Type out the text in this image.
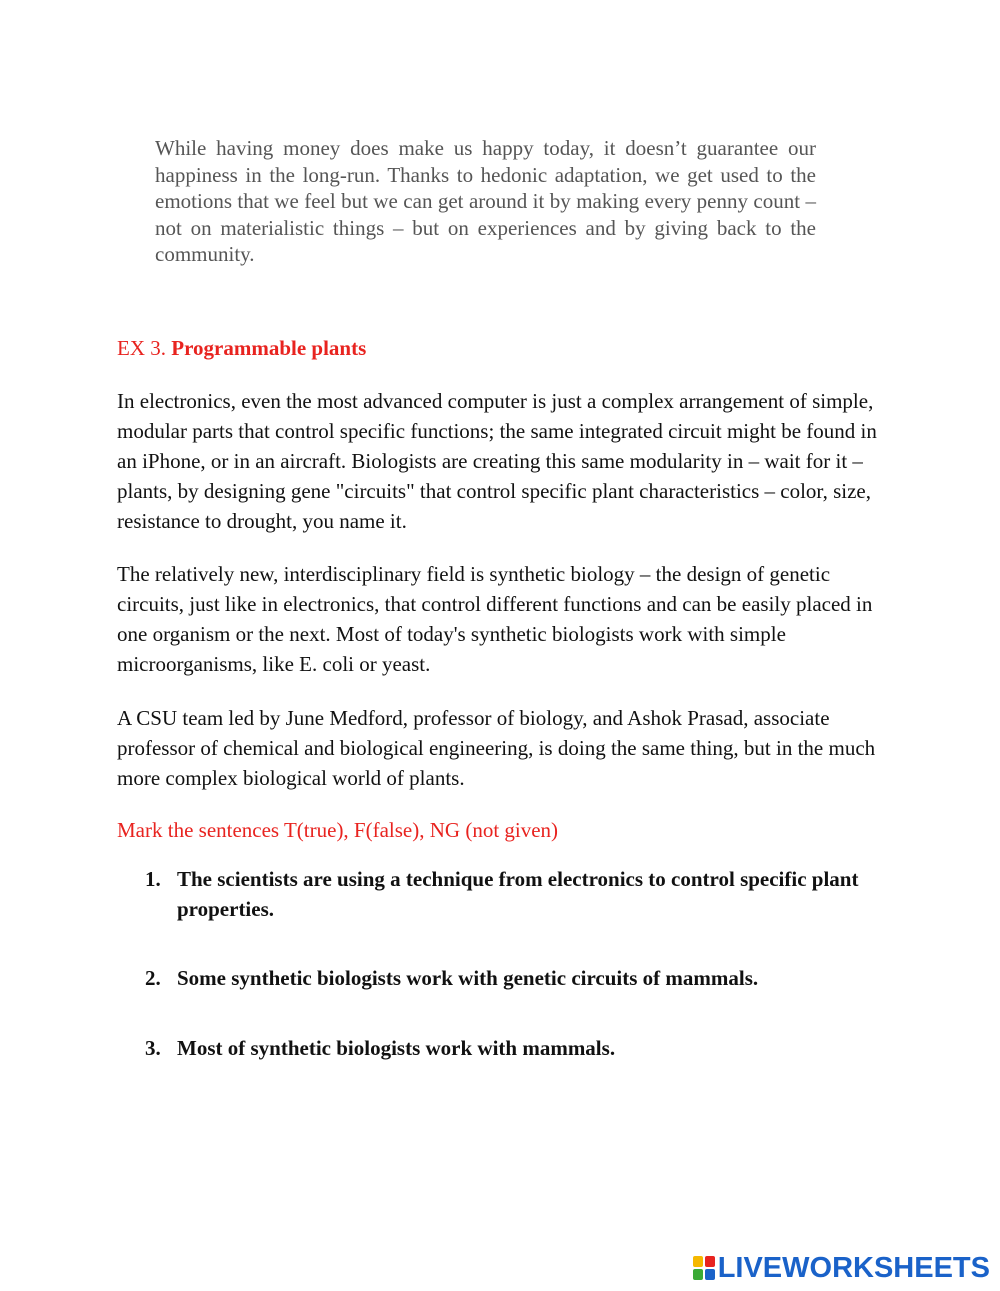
While having money does make us happy today, it doesn’t guarantee our happiness in the long-run. Thanks to hedonic adaptation, we get used to the emotions that we feel but we can get around it by making every penny count – not on materialistic things – but on experiences and by giving back to the community.

EX 3. Programmable plants

In electronics, even the most advanced computer is just a complex arrangement of simple, modular parts that control specific functions; the same integrated circuit might be found in an iPhone, or in an aircraft. Biologists are creating this same modularity in – wait for it – plants, by designing gene "circuits" that control specific plant characteristics – color, size, resistance to drought, you name it.

The relatively new, interdisciplinary field is synthetic biology – the design of genetic circuits, just like in electronics, that control different functions and can be easily placed in one organism or the next. Most of today's synthetic biologists work with simple microorganisms, like E. coli or yeast.

A CSU team led by June Medford, professor of biology, and Ashok Prasad, associate professor of chemical and biological engineering, is doing the same thing, but in the much more complex biological world of plants.

Mark the sentences T(true), F(false), NG (not given)

1. The scientists are using a technique from electronics to control specific plant properties.
2. Some synthetic biologists work with genetic circuits of mammals.
3. Most of synthetic biologists work with mammals.
LIVEWORKSHEETS
